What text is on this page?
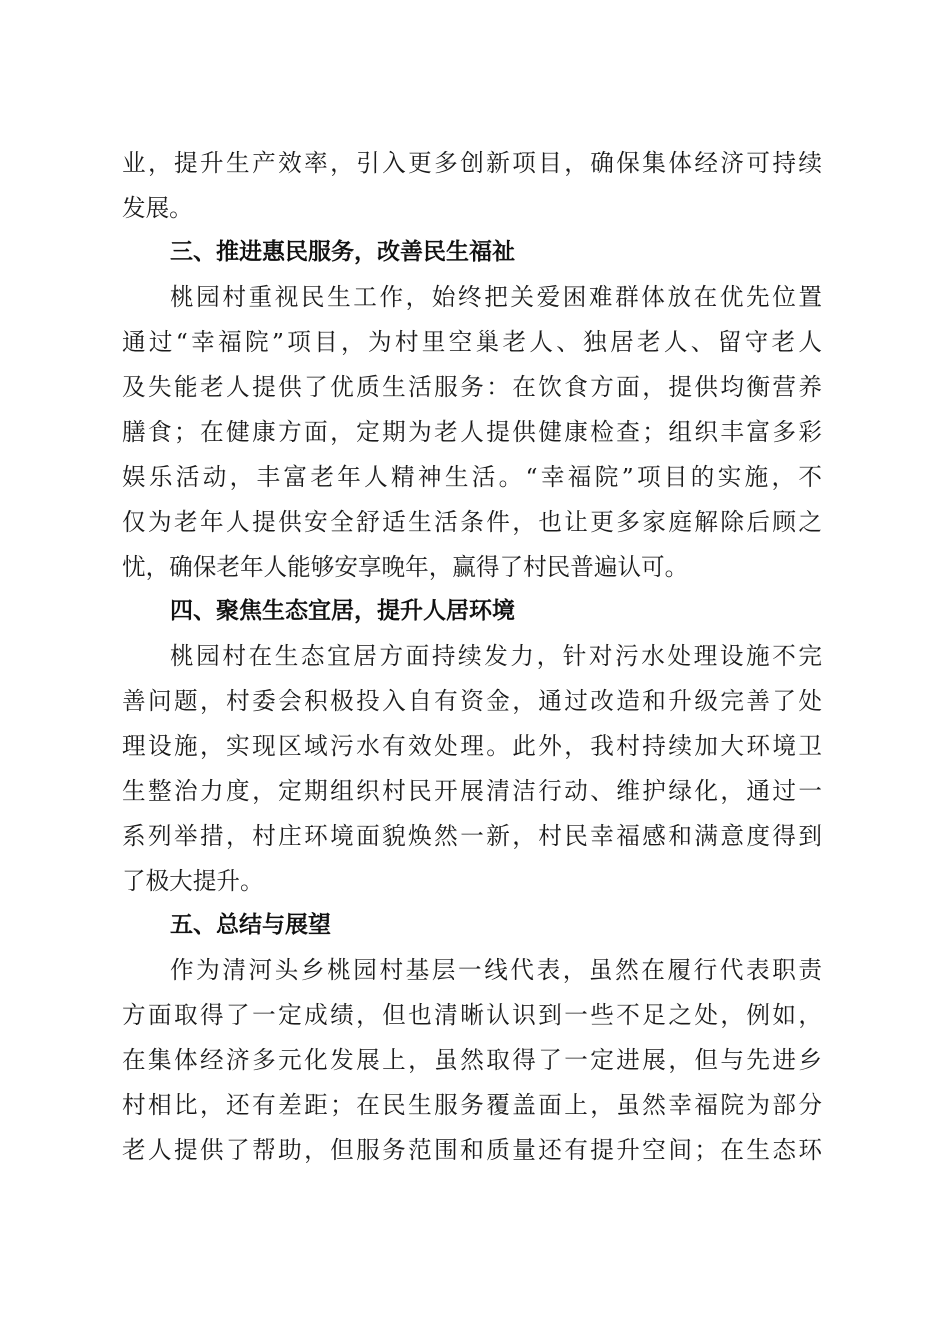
业，提升生产效率，引入更多创新项目，确保集体经济可持续
发展。
三、推进惠民服务，改善民生福祉
桃园村重视民生工作，始终把关爱困难群体放在优先位置
通过“幸福院”项目，为村里空巢老人、独居老人、留守老人
及失能老人提供了优质生活服务：在饮食方面，提供均衡营养
膳食；在健康方面，定期为老人提供健康检查；组织丰富多彩
娱乐活动，丰富老年人精神生活。“幸福院”项目的实施，不
仅为老年人提供安全舒适生活条件，也让更多家庭解除后顾之
忧，确保老年人能够安享晚年，赢得了村民普遍认可。
四、聚焦生态宜居，提升人居环境
桃园村在生态宜居方面持续发力，针对污水处理设施不完
善问题，村委会积极投入自有资金，通过改造和升级完善了处
理设施，实现区域污水有效处理。此外，我村持续加大环境卫
生整治力度，定期组织村民开展清洁行动、维护绿化，通过一
系列举措，村庄环境面貌焕然一新，村民幸福感和满意度得到
了极大提升。
五、总结与展望
作为清河头乡桃园村基层一线代表，虽然在履行代表职责
方面取得了一定成绩，但也清晰认识到一些不足之处，例如，
在集体经济多元化发展上，虽然取得了一定进展，但与先进乡
村相比，还有差距；在民生服务覆盖面上，虽然幸福院为部分
老人提供了帮助，但服务范围和质量还有提升空间；在生态环
